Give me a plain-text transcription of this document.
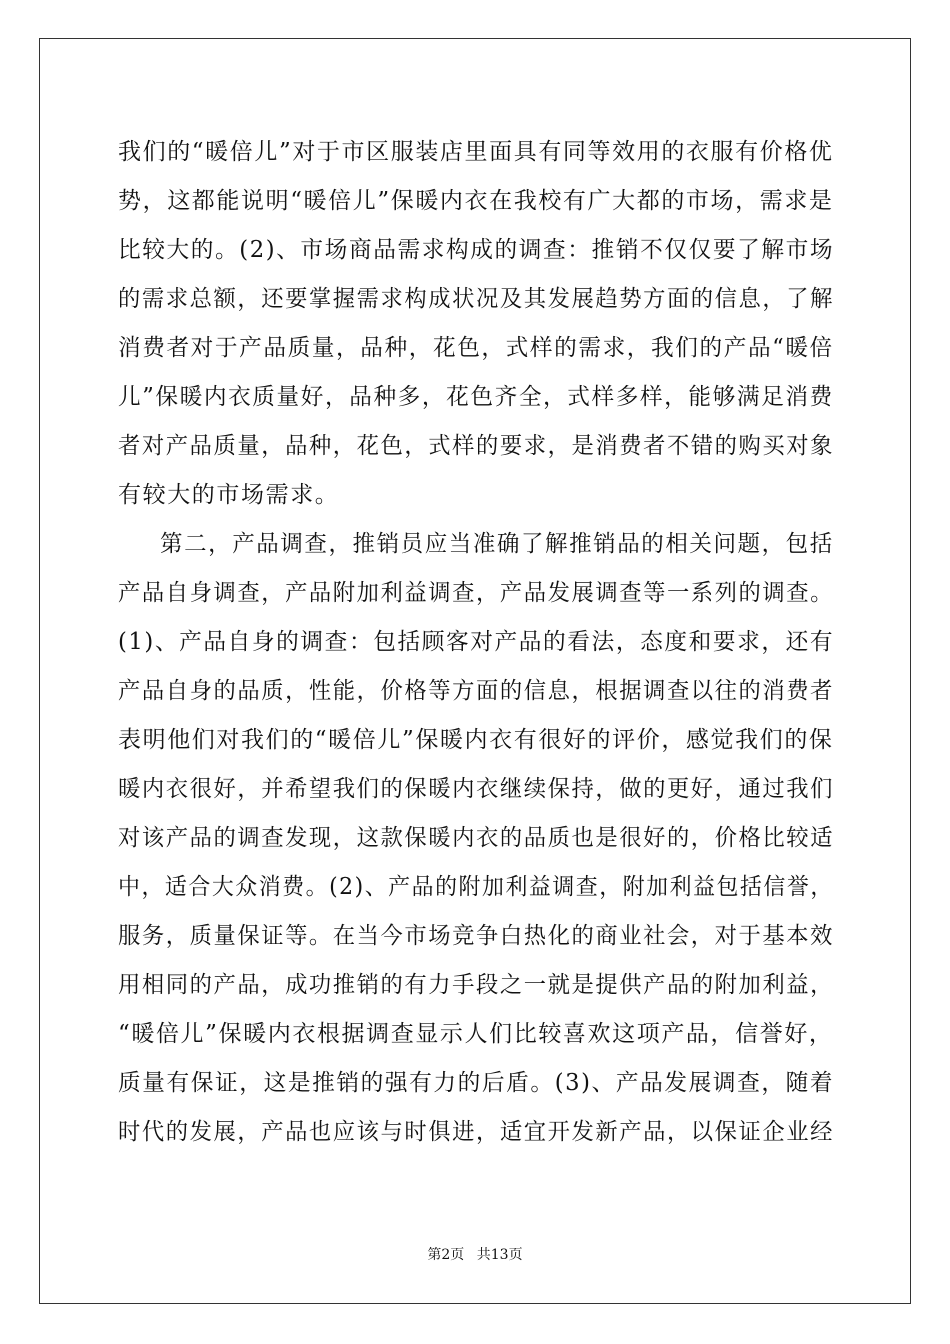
我们的“暖倍儿”对于市区服装店里面具有同等效用的衣服有价格优
势，这都能说明“暖倍儿”保暖内衣在我校有广大都的市场，需求是
比较大的。(2)、市场商品需求构成的调查：推销不仅仅要了解市场
的需求总额，还要掌握需求构成状况及其发展趋势方面的信息，了解
消费者对于产品质量，品种，花色，式样的需求，我们的产品“暖倍
儿”保暖内衣质量好，品种多，花色齐全，式样多样，能够满足消费
者对产品质量，品种，花色，式样的要求，是消费者不错的购买对象
有较大的市场需求。
第二，产品调查，推销员应当准确了解推销品的相关问题，包括
产品自身调查，产品附加利益调查，产品发展调查等一系列的调查。
(1)、产品自身的调查：包括顾客对产品的看法，态度和要求，还有
产品自身的品质，性能，价格等方面的信息，根据调查以往的消费者
表明他们对我们的“暖倍儿”保暖内衣有很好的评价，感觉我们的保
暖内衣很好，并希望我们的保暖内衣继续保持，做的更好，通过我们
对该产品的调查发现，这款保暖内衣的品质也是很好的，价格比较适
中，适合大众消费。(2)、产品的附加利益调查，附加利益包括信誉，
服务，质量保证等。在当今市场竞争白热化的商业社会，对于基本效
用相同的产品，成功推销的有力手段之一就是提供产品的附加利益，
“暖倍儿”保暖内衣根据调查显示人们比较喜欢这项产品，信誉好，
质量有保证，这是推销的强有力的后盾。(3)、产品发展调查，随着
时代的发展，产品也应该与时俱进，适宜开发新产品，以保证企业经
第2页 共13页
